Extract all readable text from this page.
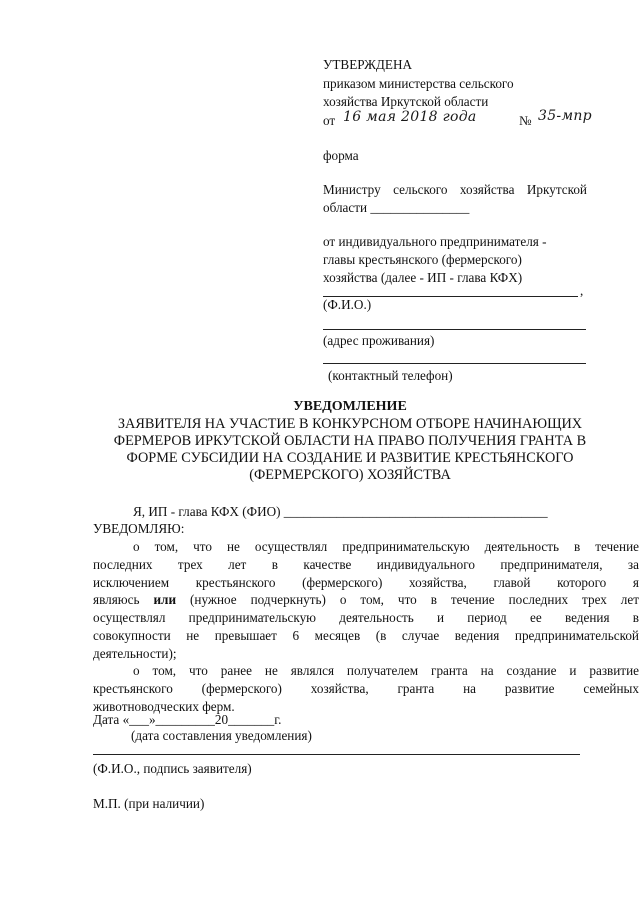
УТВЕРЖДЕНА
приказом министерства сельского
хозяйства Иркутской области
от 16 мая 2018 года	№ 35-мпр
форма
Министру сельского хозяйства Иркутской
области _______________
от индивидуального предпринимателя -
главы крестьянского (фермерского)
хозяйства (далее - ИП - глава КФХ)
,
(Ф.И.О.)
(адрес проживания)
(контактный телефон)
УВЕДОМЛЕНИЕ
ЗАЯВИТЕЛЯ НА УЧАСТИЕ В КОНКУРСНОМ ОТБОРЕ НАЧИНАЮЩИХ
ФЕРМЕРОВ ИРКУТСКОЙ ОБЛАСТИ НА ПРАВО ПОЛУЧЕНИЯ ГРАНТА В
ФОРМЕ СУБСИДИИ НА СОЗДАНИЕ И РАЗВИТИЕ КРЕСТЬЯНСКОГО
(ФЕРМЕРСКОГО) ХОЗЯЙСТВА
Я, ИП - глава КФХ (ФИО) ________________________________________
УВЕДОМЛЯЮ:
о том, что не осуществлял предпринимательскую деятельность в течение
последних трех лет в качестве индивидуального предпринимателя, за
исключением крестьянского (фермерского) хозяйства, главой которого я
являюсь или (нужное подчеркнуть) о том, что в течение последних трех лет
осуществлял предпринимательскую деятельность и период ее ведения в
совокупности не превышает 6 месяцев (в случае ведения предпринимательской
деятельности);
о том, что ранее не являлся получателем гранта на создание и развитие
крестьянского (фермерского) хозяйства, гранта на развитие семейных
животноводческих ферм.
Дата «___»_________20_______г.
(дата составления уведомления)
(Ф.И.О., подпись заявителя)
М.П. (при наличии)
